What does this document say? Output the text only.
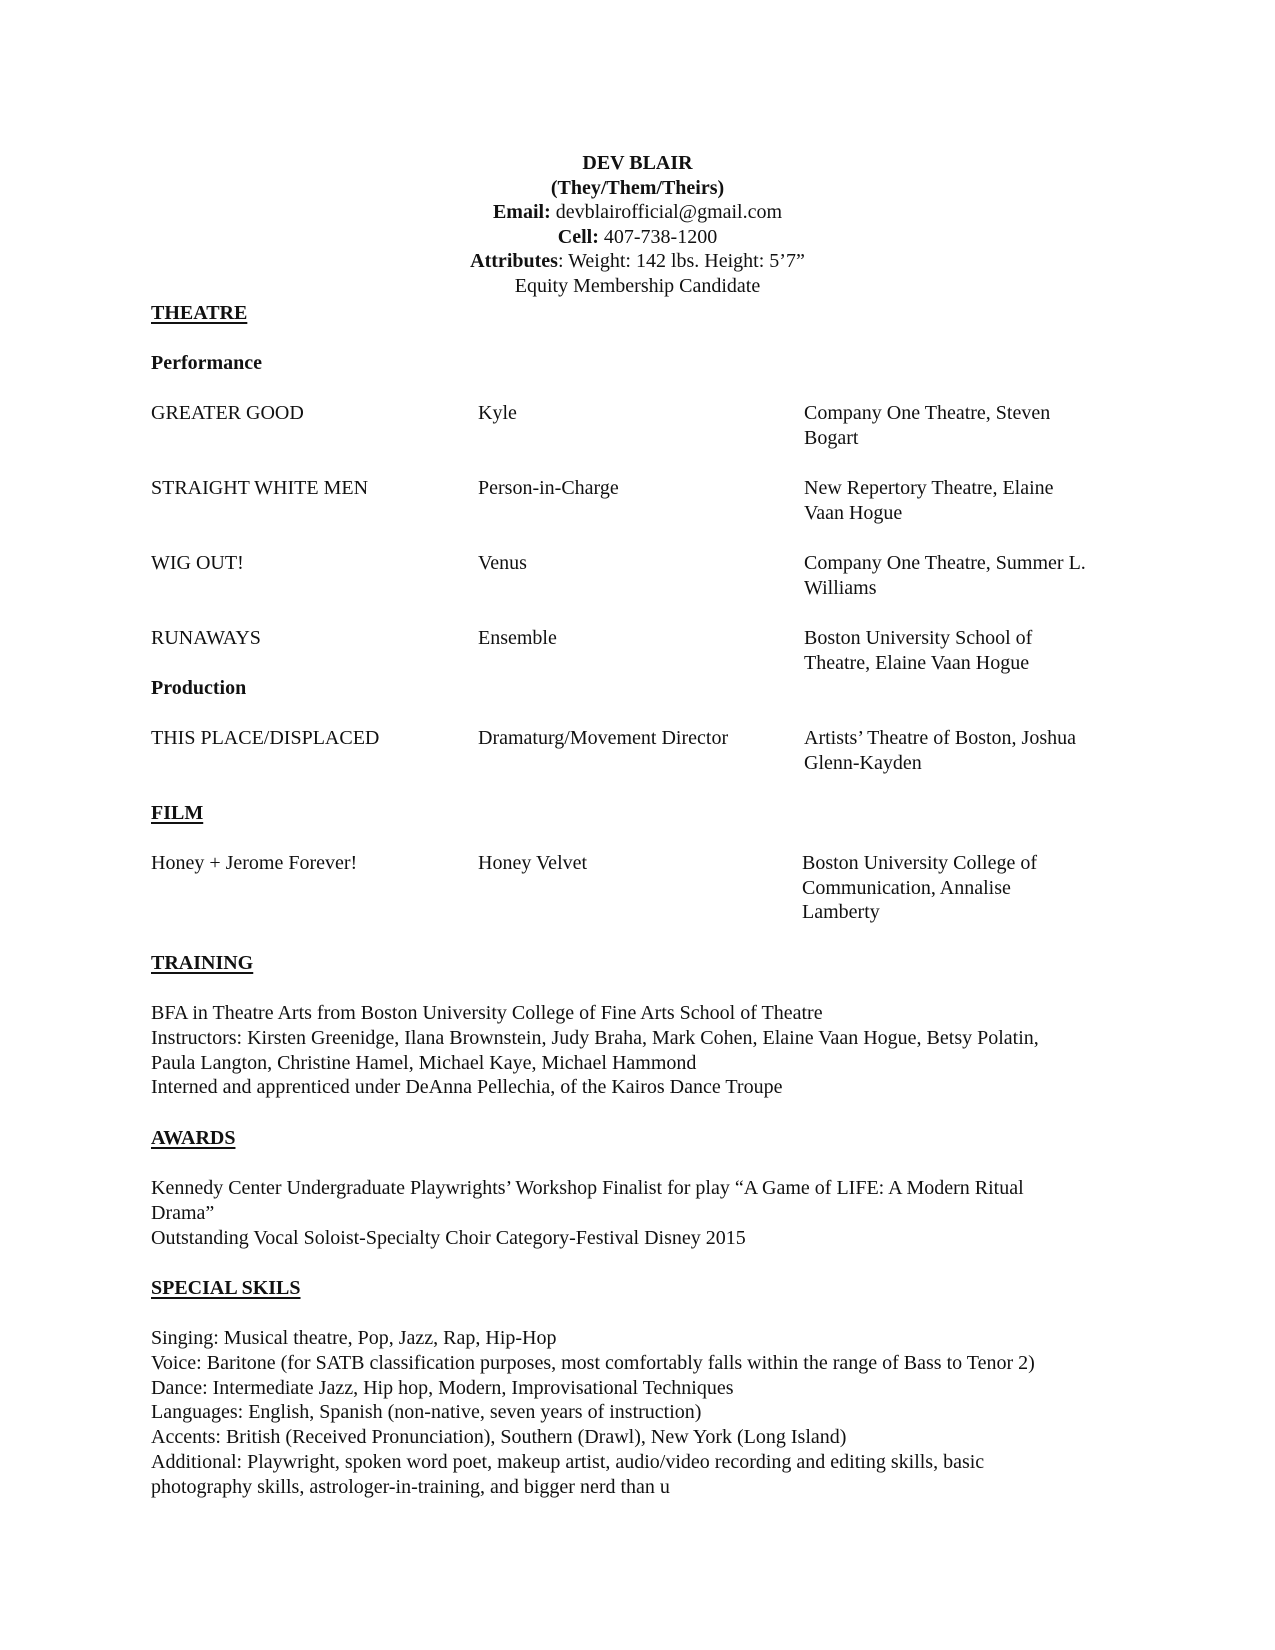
DEV BLAIR
(They/Them/Theirs)
Email: devblairofficial@gmail.com
Cell: 407-738-1200
Attributes: Weight: 142 lbs. Height: 5’7”
Equity Membership Candidate
THEATRE
Performance
GREATER GOOD	Kyle	Company One Theatre, Steven
Bogart
STRAIGHT WHITE MEN	Person-in-Charge	New Repertory Theatre, Elaine
Vaan Hogue
WIG OUT!	Venus	Company One Theatre, Summer L.
Williams
RUNAWAYS	Ensemble	Boston University School of
Theatre, Elaine Vaan Hogue
Production
THIS PLACE/DISPLACED	Dramaturg/Movement Director	Artists’ Theatre of Boston, Joshua
Glenn-Kayden
FILM
Honey + Jerome Forever!	Honey Velvet	Boston University College of
Communication, Annalise
Lamberty
TRAINING
BFA in Theatre Arts from Boston University College of Fine Arts School of Theatre
Instructors: Kirsten Greenidge, Ilana Brownstein, Judy Braha, Mark Cohen, Elaine Vaan Hogue, Betsy Polatin,
Paula Langton, Christine Hamel, Michael Kaye, Michael Hammond
Interned and apprenticed under DeAnna Pellechia, of the Kairos Dance Troupe
AWARDS
Kennedy Center Undergraduate Playwrights’ Workshop Finalist for play “A Game of LIFE: A Modern Ritual
Drama”
Outstanding Vocal Soloist-Specialty Choir Category-Festival Disney 2015
SPECIAL SKILS
Singing: Musical theatre, Pop, Jazz, Rap, Hip-Hop
Voice: Baritone (for SATB classification purposes, most comfortably falls within the range of Bass to Tenor 2)
Dance: Intermediate Jazz, Hip hop, Modern, Improvisational Techniques
Languages: English, Spanish (non-native, seven years of instruction)
Accents: British (Received Pronunciation), Southern (Drawl), New York (Long Island)
Additional: Playwright, spoken word poet, makeup artist, audio/video recording and editing skills, basic
photography skills, astrologer-in-training, and bigger nerd than u
